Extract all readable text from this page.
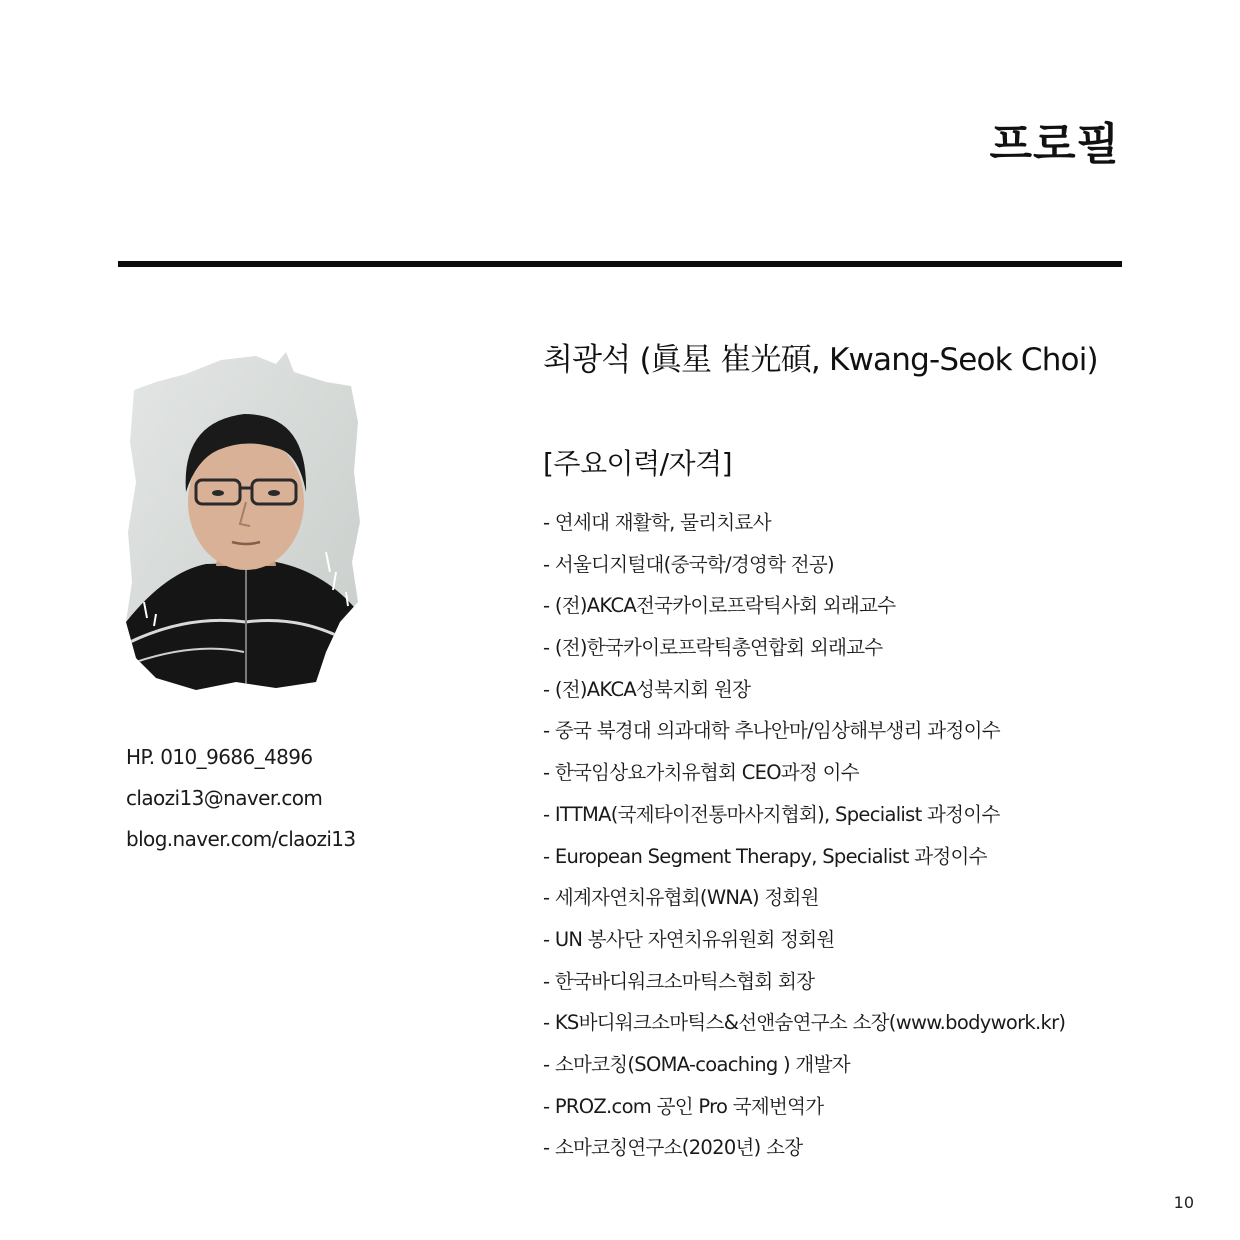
프로필
HP. 010_9686_4896
claozi13@naver.com
blog.naver.com/claozi13
최광석 (眞星 崔光碩, Kwang-Seok Choi)
[주요이력/자격]
- 연세대 재활학, 물리치료사
- 서울디지털대(중국학/경영학 전공)
- (전)AKCA전국카이로프락틱사회 외래교수
- (전)한국카이로프락틱총연합회 외래교수
- (전)AKCA성북지회 원장
- 중국 북경대 의과대학 추나안마/임상해부생리 과정이수
- 한국임상요가치유협회 CEO과정 이수
- ITTMA(국제타이전통마사지협회), Specialist 과정이수
- European Segment Therapy, Specialist 과정이수
- 세계자연치유협회(WNA) 정회원
- UN 봉사단 자연치유위원회 정회원
- 한국바디워크소마틱스협회 회장
- KS바디워크소마틱스&선앤숨연구소 소장(www.bodywork.kr)
- 소마코칭(SOMA-coaching ) 개발자
- PROZ.com 공인 Pro 국제번역가
- 소마코칭연구소(2020년) 소장
10
